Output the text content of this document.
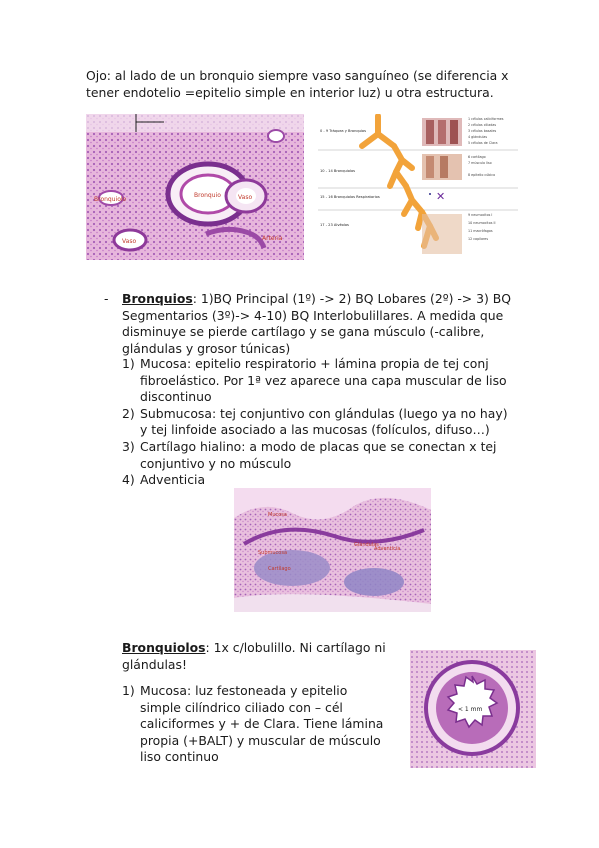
Ojo: al lado de un bronquio siempre vaso sanguíneo (se diferencia x tener endotelio =epitelio simple en interior luz) u otra estructura.
Bronquio	Vaso
Vaso
Bronquiolo
Arteria
✕
0 - 9 Tráquea y Bronquios
10 - 14 Bronquiolos
15 - 16 Bronquiolos Respiratorios
17 - 23 Alvéolos
1 células caliciformes
2 células ciliadas
3 células basales
4 glándulas
5 células de Clara
6 cartílago
7 músculo liso
8 epitelio cúbico
9 neumocitos I
10 neumocitos II
11 macrófagos
12 capilares
- Bronquios: 1)BQ Principal (1º) -> 2) BQ Lobares (2º) -> 3) BQ Segmentarios (3º)-> 4-10) BQ Interlobulillares. A medida que disminuye se pierde cartílago y se gana músculo (-calibre, glándulas y grosor túnicas)
1) Mucosa: epitelio respiratorio + lámina propia de tej conj fibroelástico. Por 1ª vez aparece una capa muscular de liso discontinuo
2) Submucosa: tej conjuntivo con glándulas (luego ya no hay) y tej linfoide asociado a las mucosas (folículos, difuso…)
3) Cartílago hialino: a modo de placas que se conectan x tej conjuntivo y no músculo
4) Adventicia
Mucosa
Submucosa
Cartílago
Glándulas
Adventicia
Bronquiolos: 1x c/lobulillo. Ni cartílago ni glándulas!
1) Mucosa: luz festoneada y epitelio simple cilíndrico ciliado con – cél caliciformes y + de Clara. Tiene lámina propia (+BALT) y muscular de músculo liso continuo
< 1 mm
